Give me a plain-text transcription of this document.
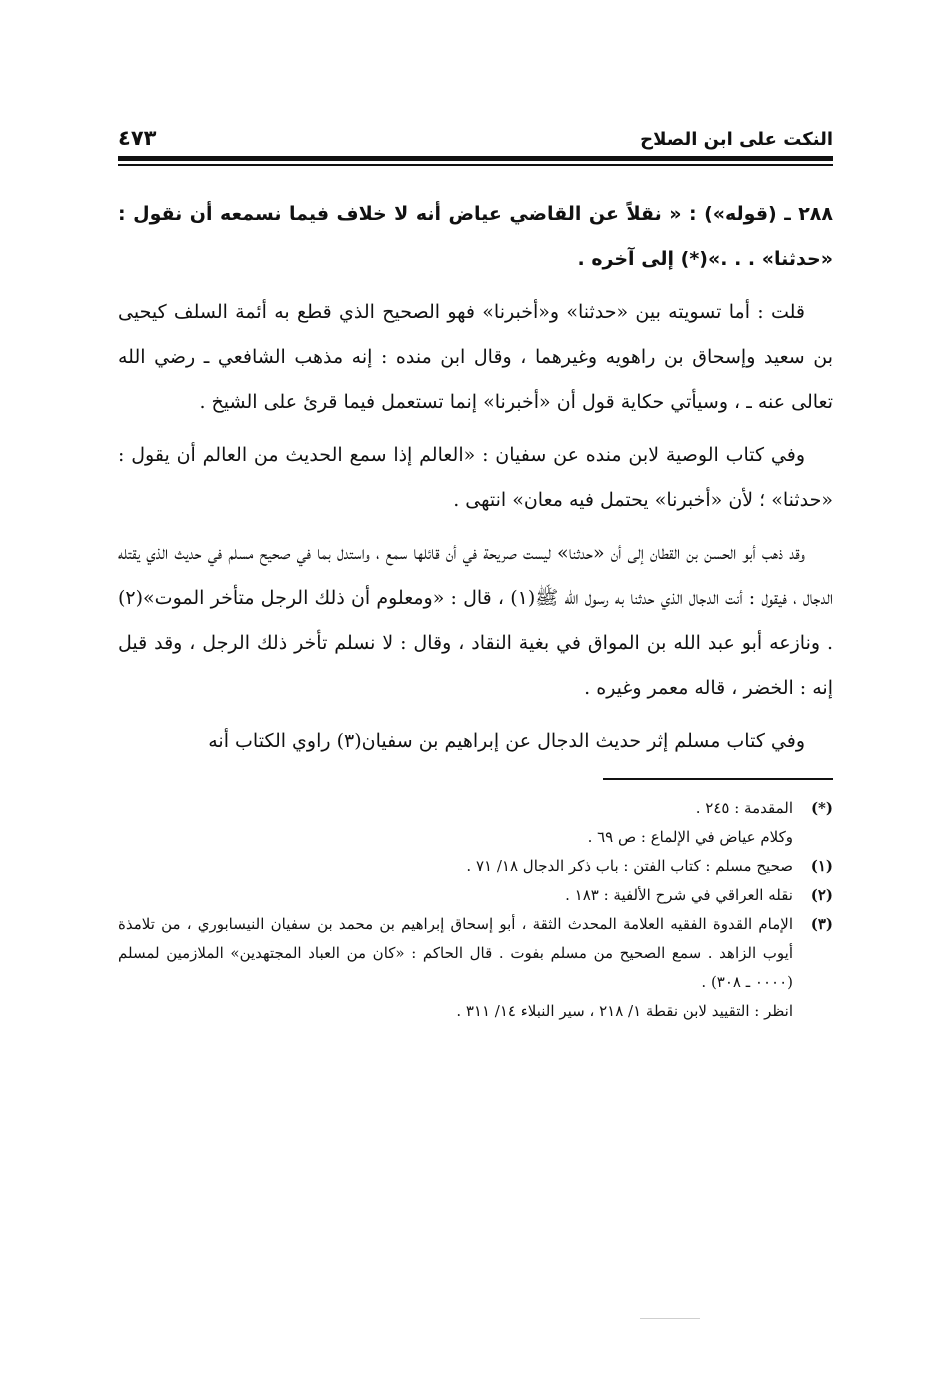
النكت على ابن الصلاح
٤٧٣

٢٨٨ ـ (قوله») : « نقلاً عن القاضي عياض أنه لا خلاف فيما نسمعه أن نقول : «حدثنا» . . .»(*) إلى آخره .

قلت : أما تسويته بين «حدثنا» و«أخبرنا» فهو الصحيح الذي قطع به أئمة السلف كيحيى بن سعيد وإسحاق بن راهويه وغيرهما ، وقال ابن منده : إنه مذهب الشافعي ـ رضي الله تعالى عنه ـ ، وسيأتي حكاية قول أن «أخبرنا» إنما تستعمل فيما قرئ على الشيخ .

وفي كتاب الوصية لابن منده عن سفيان : «العالم إذا سمع الحديث من العالم أن يقول : «حدثنا» ؛ لأن «أخبرنا» يحتمل فيه معان» انتهى .

وقد ذهب أبو الحسن بن القطان إلى أن «حدثنا» ليست صريحة في أن قائلها سمع ، واستدل بما في صحيح مسلم في حديث الذي يقتله الدجال ، فيقول : أنت الدجال الذي حدثنا به رسول الله ﷺ(١) ، قال : «ومعلوم أن ذلك الرجل متأخر الموت»(٢) . ونازعه أبو عبد الله بن المواق في بغية النقاد ، وقال : لا نسلم تأخر ذلك الرجل ، وقد قيل إنه : الخضر ، قاله معمر وغيره .

وفي كتاب مسلم إثر حديث الدجال عن إبراهيم بن سفيان(٣) راوي الكتاب أنه

(*)
المقدمة : ٢٤٥ .
وكلام عياض في الإلماع : ص ٦٩ .
(١)
صحيح مسلم : كتاب الفتن : باب ذكر الدجال ١٨/ ٧١ .
(٢)
نقله العراقي في شرح الألفية : ١٨٣ .
(٣)
الإمام القدوة الفقيه العلامة المحدث الثقة ، أبو إسحاق إبراهيم بن محمد بن سفيان النيسابوري ، من تلامذة أيوب الزاهد . سمع الصحيح من مسلم بفوت . قال الحاكم : «كان من العباد المجتهدين» الملازمين لمسلم (٠٠٠٠ ـ ٣٠٨) .
انظر : التقييد لابن نقطة ١/ ٢١٨ ، سير النبلاء ١٤/ ٣١١ .
